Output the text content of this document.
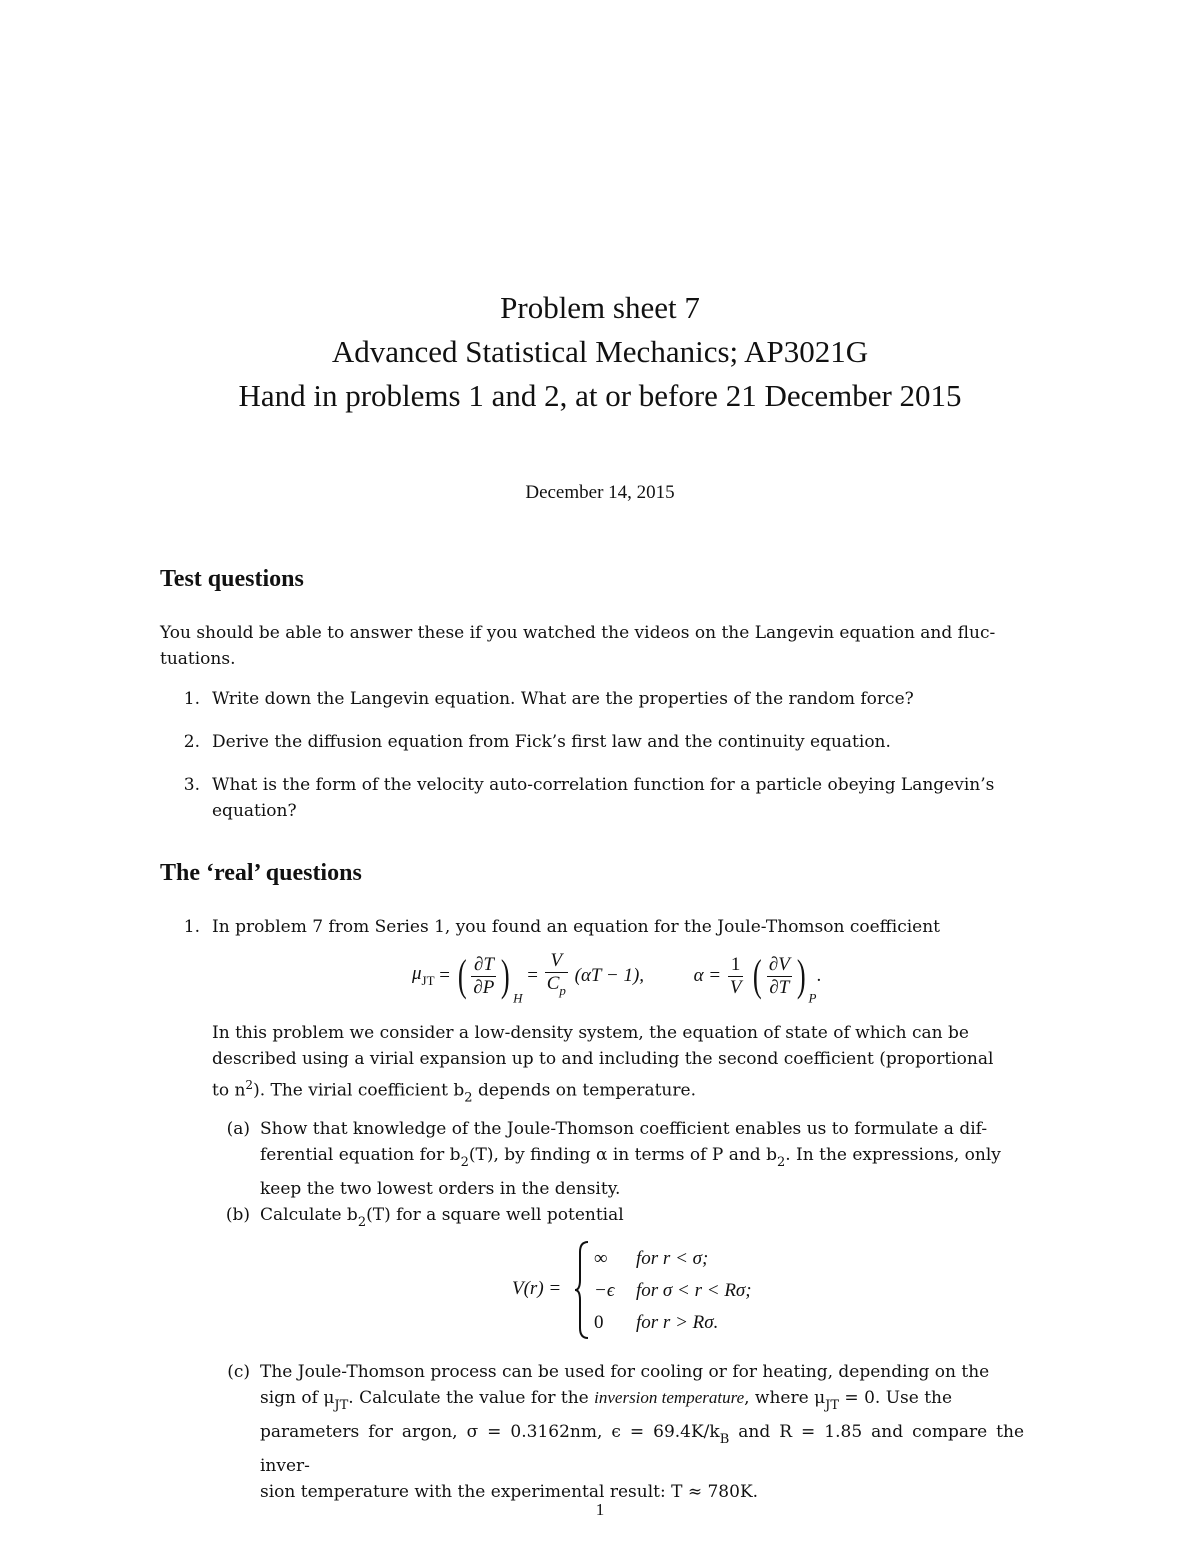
Problem sheet 7
Advanced Statistical Mechanics; AP3021G
Hand in problems 1 and 2, at or before 21 December 2015
December 14, 2015
Test questions
You should be able to answer these if you watched the videos on the Langevin equation and fluc-
tuations.
1. Write down the Langevin equation. What are the properties of the random force?
2. Derive the diffusion equation from Fick’s first law and the continuity equation.
3. What is the form of the velocity auto-correlation function for a particle obeying Langevin’s
equation?
The ‘real’ questions
1. In problem 7 from Series 1, you found an equation for the Joule-Thomson coefficient
$\mu_{JT}$ = ( $\frac{\partial T}{\partial P}$ ) $_H = \frac{V}{C_p} (\alpha T - 1)$,	$\alpha = \frac{1}{V}$ ( $\frac{\partial V}{\partial T}$ ) $_P$.
In this problem we consider a low-density system, the equation of state of which can be
described using a virial expansion up to and including the second coefficient (proportional
to $n^2$). The virial coefficient $b_2$ depends on temperature.
(a) Show that knowledge of the Joule-Thomson coefficient enables us to formulate a dif-
ferential equation for $b_2(T)$, by finding α in terms of P and $b_2$. In the expressions, only
keep the two lowest orders in the density.
(b) Calculate $b_2(T)$ for a square well potential
V(r) =
∞ for r < σ;
−ϵ for σ < r < Rσ;
0 for r > Rσ.
(c) The Joule-Thomson process can be used for cooling or for heating, depending on the
sign of $\mu_{JT}$. Calculate the value for the inversion temperature, where $\mu_{JT} = 0$. Use the
parameters for argon, σ = 0.3162nm, $\epsilon = 69.4K/k_B$ and R = 1.85 and compare the inver-
sion temperature with the experimental result: T ≈ 780K.
1
